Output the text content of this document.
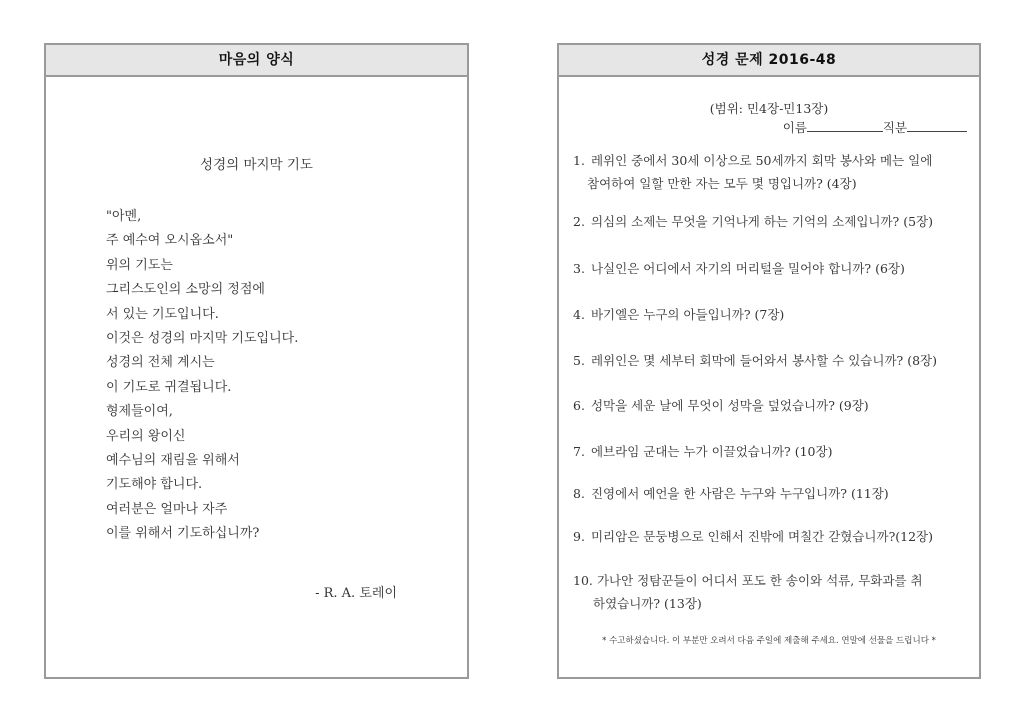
마음의 양식
성경의 마지막 기도
"아멘,
주 예수여 오시옵소서"
위의 기도는
그리스도인의 소망의 정점에
서 있는 기도입니다.
이것은 성경의 마지막 기도입니다.
성경의 전체 계시는
이 기도로 귀결됩니다.
형제들이여,
우리의 왕이신
예수님의 재림을 위해서
기도해야 합니다.
여러분은 얼마나 자주
이를 위해서 기도하십니까?
- R. A. 토레이
성경 문제 2016-48
(범위: 민4장-민13장)
이름	직분
1. 레위인 중에서 30세 이상으로 50세까지 회막 봉사와 메는 일에
참여하여 일할 만한 자는 모두 몇 명입니까? (4장)
2. 의심의 소제는 무엇을 기억나게 하는 기억의 소제입니까? (5장)
3. 나실인은 어디에서 자기의 머리털을 밀어야 합니까? (6장)
4. 바기엘은 누구의 아들입니까? (7장)
5. 레위인은 몇 세부터 회막에 들어와서 봉사할 수 있습니까? (8장)
6. 성막을 세운 날에 무엇이 성막을 덮었습니까? (9장)
7. 에브라임 군대는 누가 이끌었습니까? (10장)
8. 진영에서 예언을 한 사람은 누구와 누구입니까? (11장)
9. 미리암은 문둥병으로 인해서 진밖에 며칠간 갇혔습니까?(12장)
10. 가나안 정탐꾼들이 어디서 포도 한 송이와 석류, 무화과를 취
하였습니까? (13장)
* 수고하셨습니다. 이 부분만 오려서 다음 주일에 제출해 주세요. 연말에 선물을 드립니다 *
